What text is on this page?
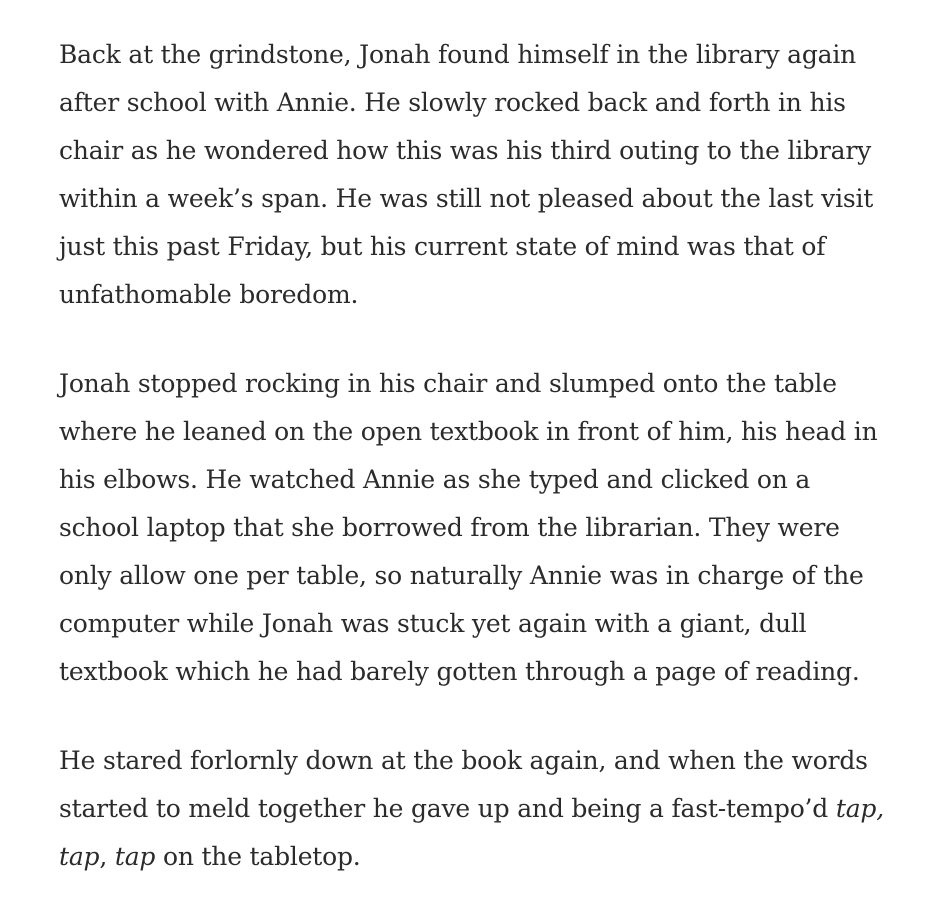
Back at the grindstone, Jonah found himself in the library again after school with Annie. He slowly rocked back and forth in his chair as he wondered how this was his third outing to the library within a week’s span. He was still not pleased about the last visit just this past Friday, but his current state of mind was that of unfathomable boredom.

Jonah stopped rocking in his chair and slumped onto the table where he leaned on the open textbook in front of him, his head in his elbows. He watched Annie as she typed and clicked on a school laptop that she borrowed from the librarian. They were only allow one per table, so naturally Annie was in charge of the computer while Jonah was stuck yet again with a giant, dull textbook which he had barely gotten through a page of reading.

He stared forlornly down at the book again, and when the words started to meld together he gave up and being a fast-tempo’d tap, tap, tap on the tabletop.
